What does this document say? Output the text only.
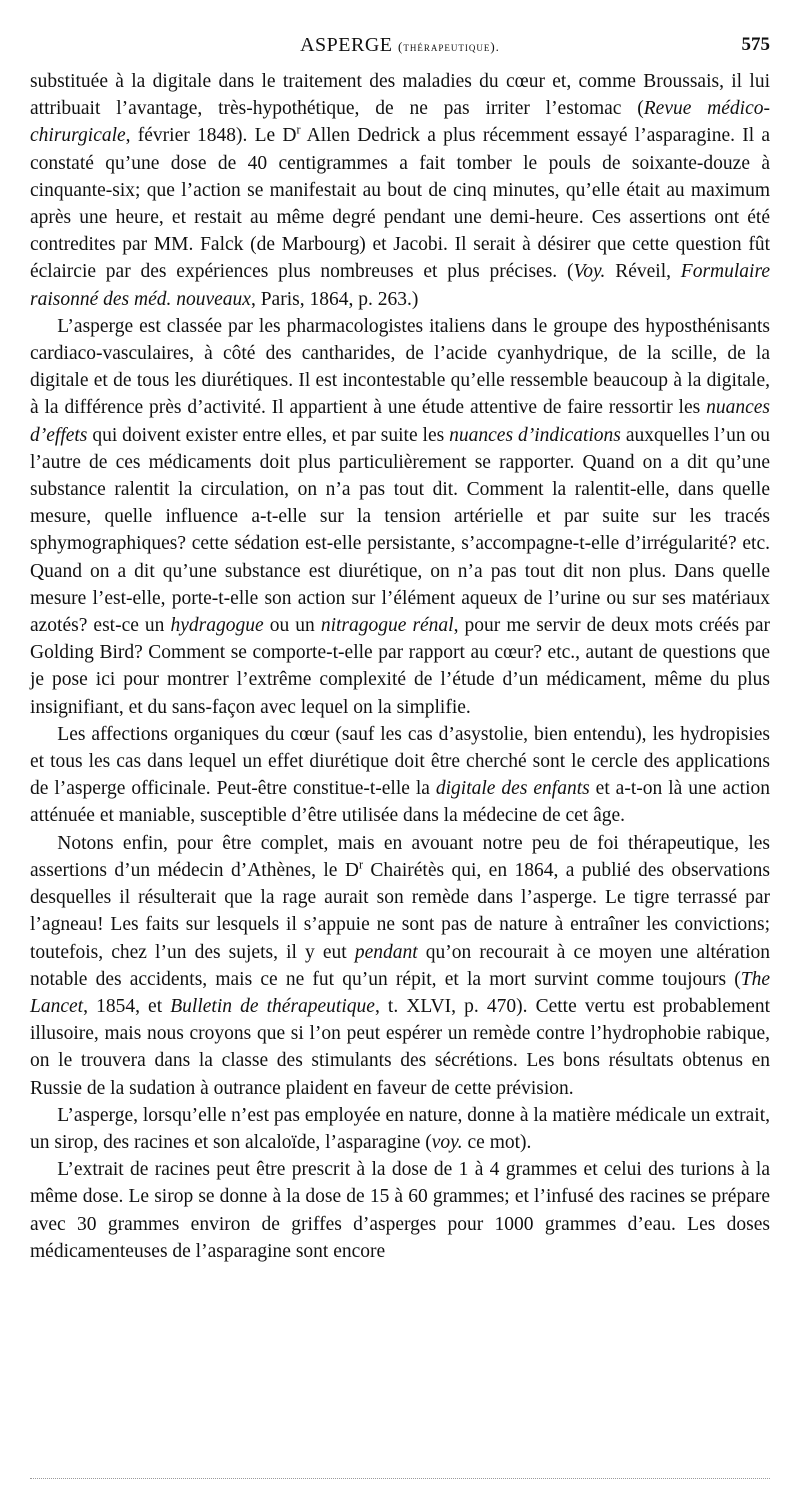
ASPERGE (thérapeutique).	575

substituée à la digitale dans le traitement des maladies du cœur et, comme Broussais, il lui attribuait l’avantage, très-hypothétique, de ne pas irriter l’estomac (Revue médico-chirurgicale, février 1848). Le $D^r$ Allen Dedrick a plus récemment essayé l’asparagine. Il a constaté qu’une dose de 40 centigrammes a fait tomber le pouls de soixante-douze à cinquante-six; que l’action se manifestait au bout de cinq minutes, qu’elle était au maximum après une heure, et restait au même degré pendant une demi-heure. Ces assertions ont été contredites par MM. Falck (de Marbourg) et Jacobi. Il serait à désirer que cette question fût éclaircie par des expériences plus nombreuses et plus précises. (Voy. Réveil, Formulaire raisonné des méd. nouveaux, Paris, 1864, p. 263.)

L’asperge est classée par les pharmacologistes italiens dans le groupe des hyposthénisants cardiaco-vasculaires, à côté des cantharides, de l’acide cyanhydrique, de la scille, de la digitale et de tous les diurétiques. Il est incontestable qu’elle ressemble beaucoup à la digitale, à la différence près d’activité. Il appartient à une étude attentive de faire ressortir les nuances d’effets qui doivent exister entre elles, et par suite les nuances d’indications auxquelles l’un ou l’autre de ces médicaments doit plus particulièrement se rapporter. Quand on a dit qu’une substance ralentit la circulation, on n’a pas tout dit. Comment la ralentit-elle, dans quelle mesure, quelle influence a-t-elle sur la tension artérielle et par suite sur les tracés sphymographiques? cette sédation est-elle persistante, s’accompagne-t-elle d’irrégularité? etc. Quand on a dit qu’une substance est diurétique, on n’a pas tout dit non plus. Dans quelle mesure l’est-elle, porte-t-elle son action sur l’élément aqueux de l’urine ou sur ses matériaux azotés? est-ce un hydragogue ou un nitragogue rénal, pour me servir de deux mots créés par Golding Bird? Comment se comporte-t-elle par rapport au cœur? etc., autant de questions que je pose ici pour montrer l’extrême complexité de l’étude d’un médicament, même du plus insignifiant, et du sans-façon avec lequel on la simplifie.

Les affections organiques du cœur (sauf les cas d’asystolie, bien entendu), les hydropisies et tous les cas dans lequel un effet diurétique doit être cherché sont le cercle des applications de l’asperge officinale. Peut-être constitue-t-elle la digitale des enfants et a-t-on là une action atténuée et maniable, susceptible d’être utilisée dans la médecine de cet âge.

Notons enfin, pour être complet, mais en avouant notre peu de foi thérapeutique, les assertions d’un médecin d’Athènes, le $D^r$ Chairétès qui, en 1864, a publié des observations desquelles il résulterait que la rage aurait son remède dans l’asperge. Le tigre terrassé par l’agneau! Les faits sur lesquels il s’appuie ne sont pas de nature à entraîner les convictions; toutefois, chez l’un des sujets, il y eut pendant qu’on recourait à ce moyen une altération notable des accidents, mais ce ne fut qu’un répit, et la mort survint comme toujours (The Lancet, 1854, et Bulletin de thérapeutique, t. XLVI, p. 470). Cette vertu est probablement illusoire, mais nous croyons que si l’on peut espérer un remède contre l’hydrophobie rabique, on le trouvera dans la classe des stimulants des sécrétions. Les bons résultats obtenus en Russie de la sudation à outrance plaident en faveur de cette prévision.

L’asperge, lorsqu’elle n’est pas employée en nature, donne à la matière médicale un extrait, un sirop, des racines et son alcaloïde, l’asparagine (voy. ce mot).

L’extrait de racines peut être prescrit à la dose de 1 à 4 grammes et celui des turions à la même dose. Le sirop se donne à la dose de 15 à 60 grammes; et l’infusé des racines se prépare avec 30 grammes environ de griffes d’asperges pour 1000 grammes d’eau. Les doses médicamenteuses de l’asparagine sont encore
